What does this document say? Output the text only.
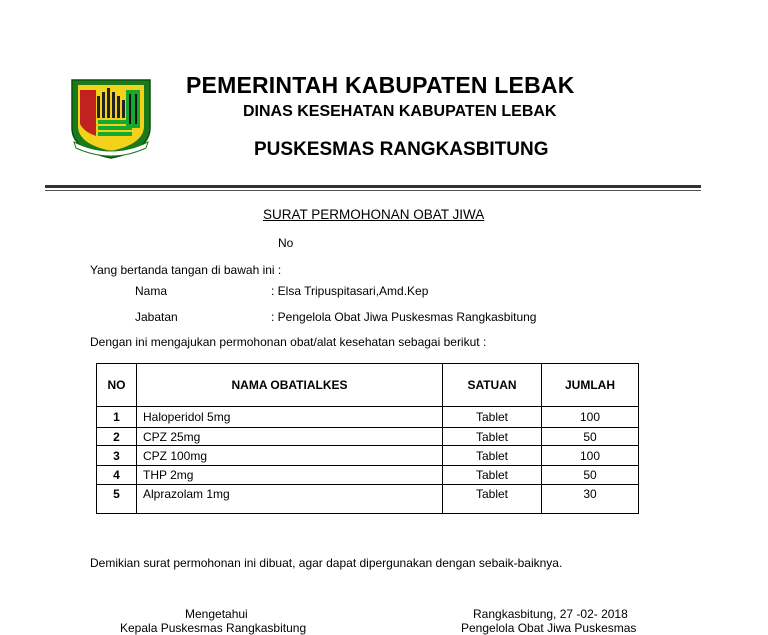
PEMERINTAH KABUPATEN LEBAK
DINAS KESEHATAN KABUPATEN LEBAK
PUSKESMAS RANGKASBITUNG
SURAT PERMOHONAN OBAT JIWA
No
Yang bertanda tangan di bawah ini :
Nama	: Elsa Tripuspitasari,Amd.Kep
Jabatan	: Pengelola Obat Jiwa Puskesmas Rangkasbitung
Dengan ini mengajukan permohonan obat/alat kesehatan sebagai berikut :
NO	NAMA OBATIALKES	SATUAN	JUMLAH
1	Haloperidol 5mg	Tablet	100
2	CPZ 25mg	Tablet	50
3	CPZ 100mg	Tablet	100
4	THP 2mg	Tablet	50
5	Alprazolam 1mg	Tablet	30
Demikian surat permohonan ini dibuat, agar dapat dipergunakan dengan sebaik-baiknya.
Mengetahui
Kepala Puskesmas Rangkasbitung
Rangkasbitung, 27 -02- 2018
Pengelola Obat Jiwa Puskesmas
